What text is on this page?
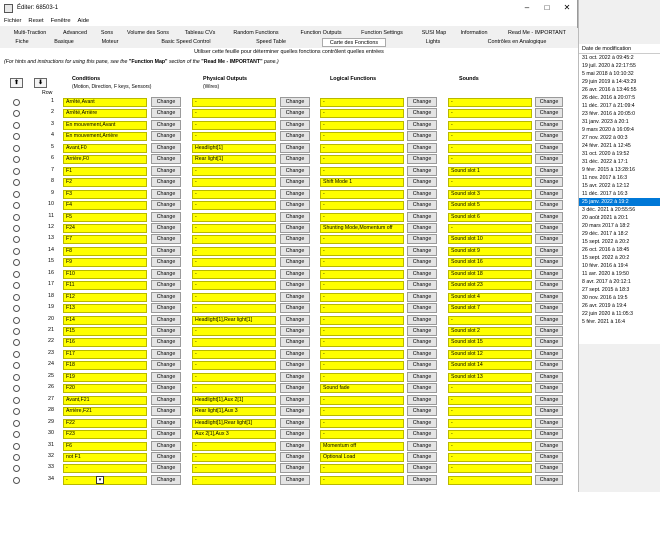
Éditer: 68503-1	–	□	✕
Fichier Reset Fenêtre Aide
Multi-Traction	Advanced	Sons	Volume des Sons	Tableau CVs	Random Functions	Function Outputs	Function Settings	SUSI Map	Information	Read Me - IMPORTANT
Fiche	Basique	Moteur	Basic Speed Control	Speed Table	Carte des Fonctions	Lights	Contrôles en Analogique
Utiliser cette feuille pour déterminer quelles fonctions contrôlent quelles entrées
(For hints and instructions for using this pane, see the "Function Map" section of the "Read Me - IMPORTANT" pane.)
⬆	⬇
Row
Conditions
(Motion, Direction, F keys, Sensors)
Physical Outputs
(Wires)
Logical Functions	Sounds
1	Arrêté,Avant	Change	-	Change	-	Change	-	Change
2	Arrêté,Arrière	Change	-	Change	-	Change	-	Change
3	En mouvement,Avant	Change	-	Change	-	Change	-	Change
4	En mouvement,Arrière	Change	-	Change	-	Change	-	Change
5	Avant,F0	Change	Headlight[1]	Change	-	Change	-	Change
6	Arrière,F0	Change	Rear light[1]	Change	-	Change	-	Change
7	F1	Change	-	Change	-	Change	Sound slot 1	Change
8	F2	Change	-	Change	Shift Mode 1	Change	-	Change
9	F3	Change	-	Change	-	Change	Sound slot 3	Change
10	F4	Change	-	Change	-	Change	Sound slot 5	Change
11	F5	Change	-	Change	-	Change	Sound slot 6	Change
12	F24	Change	-	Change	Shunting Mode,Momentum off	Change	-	Change
13	F7	Change	-	Change	-	Change	Sound slot 10	Change
14	F8	Change	-	Change	-	Change	Sound slot 9	Change
15	F9	Change	-	Change	-	Change	Sound slot 16	Change
16	F10	Change	-	Change	-	Change	Sound slot 18	Change
17	F11	Change	-	Change	-	Change	Sound slot 23	Change
18	F12	Change	-	Change	-	Change	Sound slot 4	Change
19	F13	Change	-	Change	-	Change	Sound slot 7	Change
20	F14	Change	Headlight[1],Rear light[1]	Change	-	Change	-	Change
21	F15	Change	-	Change	-	Change	Sound slot 2	Change
22	F16	Change	-	Change	-	Change	Sound slot 15	Change
23	F17	Change	-	Change	-	Change	Sound slot 12	Change
24	F18	Change	-	Change	-	Change	Sound slot 14	Change
25	F19	Change	-	Change	-	Change	Sound slot 13	Change
26	F20	Change	-	Change	Sound fade	Change	-	Change
27	Avant,F21	Change	Headlight[1],Aux 2[1]	Change	-	Change	-	Change
28	Arrière,F21	Change	Rear light[1],Aux 3	Change	-	Change	-	Change
29	F22	Change	Headlight[1],Rear light[1]	Change	-	Change	-	Change
30	F23	Change	Aux 2[1],Aux 3	Change	-	Change	-	Change
31	F6	Change	-	Change	Momentum off	Change	-	Change
32	not F1	Change	-	Change	Optional Load	Change	-	Change
33	-	Change	-	Change	-	Change	-	Change
34	-	▾	Change	-	Change	-	Change	-	Change
Date de modification
31 oct. 2022 à 09:45:2
19 juil. 2020 à 22:17:55
5 mai 2018 à 10:10:32
29 juin 2019 à 14:43:29
26 avr. 2016 à 13:46:55
26 déc. 2016 à 20:07:5
11 déc. 2017 à 21:09:4
23 févr. 2016 à 20:05:0
31 janv. 2023 à 20:1
9 mars 2020 à 16:09:4
27 nov. 2022 à 00:3
24 févr. 2021 à 12:45
31 oct. 2020 à 19:52
31 déc. 2022 à 17:1
9 févr. 2015 à 13:28:16
11 nov. 2017 à 16:3
15 avr. 2022 à 12:12
11 déc. 2017 à 16:3
25 janv. 2022 à 19:2
3 déc. 2021 à 20:55:56
20 août 2021 à 20:1
20 mars 2017 à 18:2
29 déc. 2017 à 18:2
15 sept. 2022 à 20:2
26 oct. 2016 à 18:45
15 sept. 2022 à 20:2
10 févr. 2016 à 19:4
11 avr. 2020 à 19:50
8 avr. 2017 à 20:12:1
27 sept. 2015 à 18:3
30 nov. 2016 à 19:5
26 avr. 2019 à 19:4
22 juin 2020 à 11:05:3
5 févr. 2021 à 16:4
